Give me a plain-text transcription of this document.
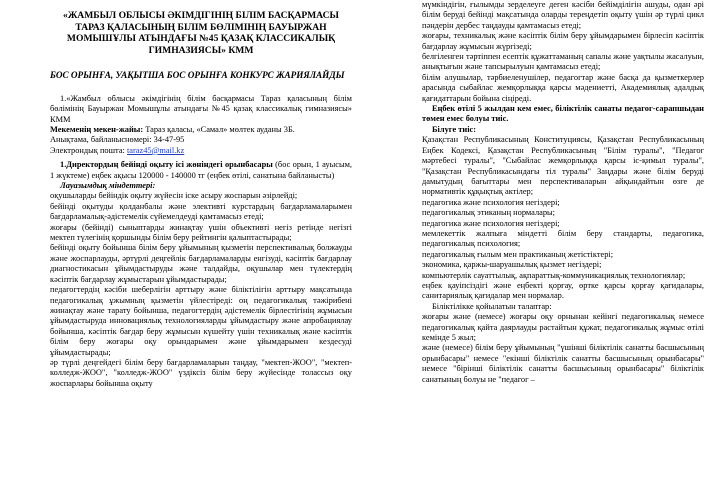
«ЖАМБЫЛ ОБЛЫСЫ ӘКІМДІГІНІҢ БІЛІМ БАСҚАРМАСЫ ТАРАЗ ҚАЛАСЫНЫҢ БІЛІМ БӨЛІМІНІҢ БАУЫРЖАН МОМЫШҰЛЫ АТЫНДАҒЫ №45 ҚАЗАҚ КЛАССИКАЛЫҚ ГИМНАЗИЯСЫ» КММ

БОС ОРЫНҒА, УАҚЫТША БОС ОРЫНҒА КОНКУРС ЖАРИЯЛАЙДЫ

1.«Жамбыл облысы әкімдігінің білім басқармасы Тараз қаласының білім бөлімінің Бауыржан Момышұлы атындағы №45 қазақ классикалық гимназиясы» КММ

Мекеменің мекен-жайы: Тараз қаласы, «Самал» мөлтек ауданы 3Б.

Анықтама, байланыснөмері: 34-47-95

Электрондық пошта: taraz45@mail.kz

1.Директордың бейіндi оқыту ісі жөніндегі орынбасары (бос орын, 1 ауысым, 1 жүктеме) еңбек ақысы 120000 - 140000 тг (еңбек өтілі, санатына байланысты)

Лауазымдық міндеттері:

оқушыларды бейіндік оқыту жүйесін іске асыру жоспарын әзірлейді;

бейінді оқытуды қолданбалы және элективті курстардың бағдарламаларымен бағдарламалық-әдістемелік сүйемелдеуді қамтамасыз етеді;

жоғары (бейінді) сыныптарды жинақтау үшін объективті негіз ретінде негізгі мектеп түлегінің қоршынды білім беру рейтингін қалыптастырады;

бейінді оқыту бойынша білім беру ұйымының қызметін перспективалық болжауды және жоспарлауды, әртүрлі деңгейлік бағдарламаларды енгізуді, кәсіптік бағдарлау диагностикасын ұйымдастыруды және талдайды, оқушылар мен түлектердің кәсіптік бағдарлау жұмыстарын ұйымдастырады;

педагогтердің кәсіби шеберлігін арттыру және біліктілігін арттыру мақсатында педагогикалық ұжымның қызметін үйлестіреді: оң педагогикалық тәжірибені жинақтау және тарату бойынша, педагогтердің әдістемелік бірлестігінің жұмысын ұйымдастыруда инновациялық технологияларды ұйымдастыру және апробациялау бойынша, кәсіптік бағдар беру жұмысын күшейту үшін техникалық және кәсіптік білім беру жоғары оқу орындарымен және ұйымдарымен кездесуді ұйымдастырады;

әр түрлі деңгейдегі білім беру бағдарламаларын таңдау, "мектеп-ЖОО", "мектеп-колледж-ЖОО", "колледж-ЖОО" үздіксіз білім беру жүйесінде толассыз оқу жоспарлары бойынша оқыту

мүмкіндігін, ғылымды зерделеуге деген кәсіби бейімділігін ашуды, одан әрі білім беруді бейінді мақсатында оларды тереңдетіп оқыту үшін әр түрлі цикл пәндерін дербес таңдауды қамтамасыз етеді;

жоғары, техникалық және кәсіптік білім беру ұйымдарымен бірлесіп кәсіптік бағдарлау жұмысын жүргізеді;

белгіленген тәртіппен есептік құжаттаманың сапалы және уақтылы жасалуын, анықтығын және тапсырылуын қамтамасыз етеді;

білім алушылар, тәрбиеленушілер, педагогтар және басқа да қызметкерлер арасында сыбайлас жемқорлыққа қарсы мәдениетті, Академиялық адалдық қағидаттарын бойына сіңіреді.

Еңбек өтілі 5 жылдан кем емес, біліктілік санаты педагог-сарапшыдан төмен емес болуы тиіс.

Білуге тиіс:

Қазақстан Республикасының Конституциясы, Қазақстан Республикасының Еңбек Кодексі, Қазақстан Республикасының "Білім туралы", "Педагог мәртебесі туралы", "Сыбайлас жемқорлыққа қарсы іс-қимыл туралы", "Қазақстан Республикасындағы тіл туралы" Заңдары және білім беруді дамытудың бағыттары мен перспективаларын айқындайтын өзге де нормативтік құқықтық актілер;

педагогика және психология негіздері;

педагогикалық этиканың нормалары;

педагогика және психология негіздері;

мемлекеттік жалпыға міндетті білім беру стандарты, педагогика, педагогикалық психология;

педагогикалық ғылым мен практиканың жетістіктері;

экономика, қаржы-шаруашылық қызмет негіздері;

компьютерлік сауаттылық, ақпараттық-коммуникациялық технологиялар;

еңбек қауіпсіздігі және еңбекті қорғау, өртке қарсы қорғау қағидалары, санитариялық қағидалар мен нормалар.

Біліктілікке қойылатын талаптар:

жоғары және (немесе) жоғары оқу орнынан кейінгі педагогикалық немесе педагогикалық қайта даярлауды растайтын құжат, педагогикалық жұмыс өтілі кемінде 5 жыл;

және (немесе) білім беру ұйымының "үшінші біліктілік санатты басшысының орынбасары" немесе "екінші біліктілік санатты басшысының орынбасары" немесе "бірінші біліктілік санатты басшысының орынбасары" біліктілік санатының болуы не "педагог –
